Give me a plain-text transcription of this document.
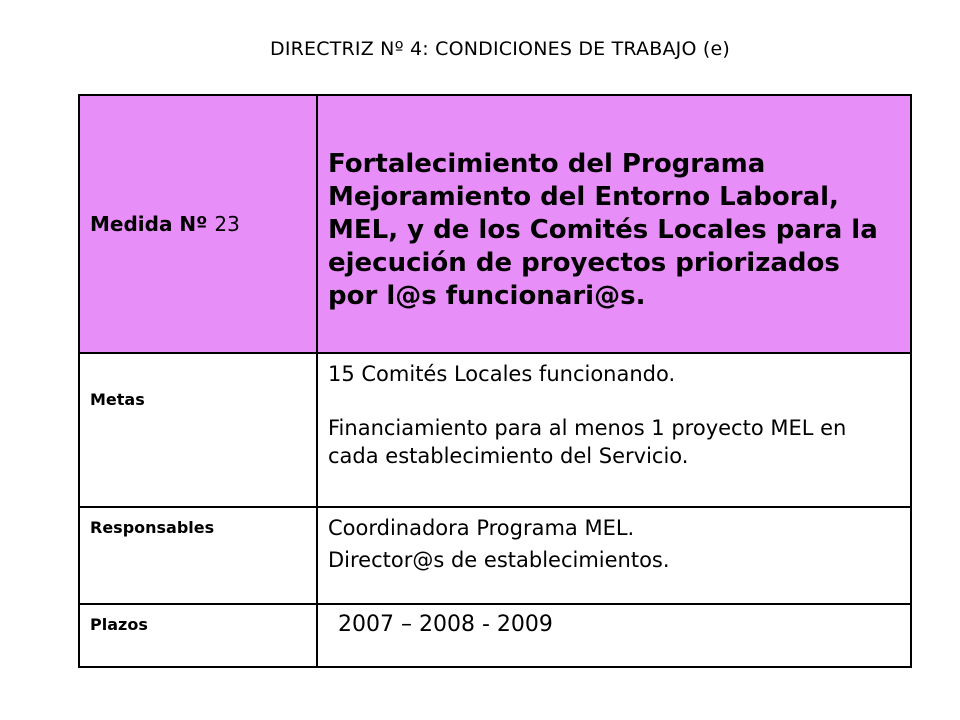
DIRECTRIZ Nº 4: CONDICIONES DE TRABAJO (e)
Medida Nº 23	Fortalecimiento del Programa Mejoramiento del Entorno Laboral, MEL, y de los Comités Locales para la ejecución de proyectos priorizados por l@s funcionari@s.

Metas	15 Comités Locales funcionando.
Financiamiento para al menos 1 proyecto MEL en cada establecimiento del Servicio.

Responsables	Coordinadora Programa MEL.
Director@s de establecimientos.

Plazos	2007 – 2008 - 2009
